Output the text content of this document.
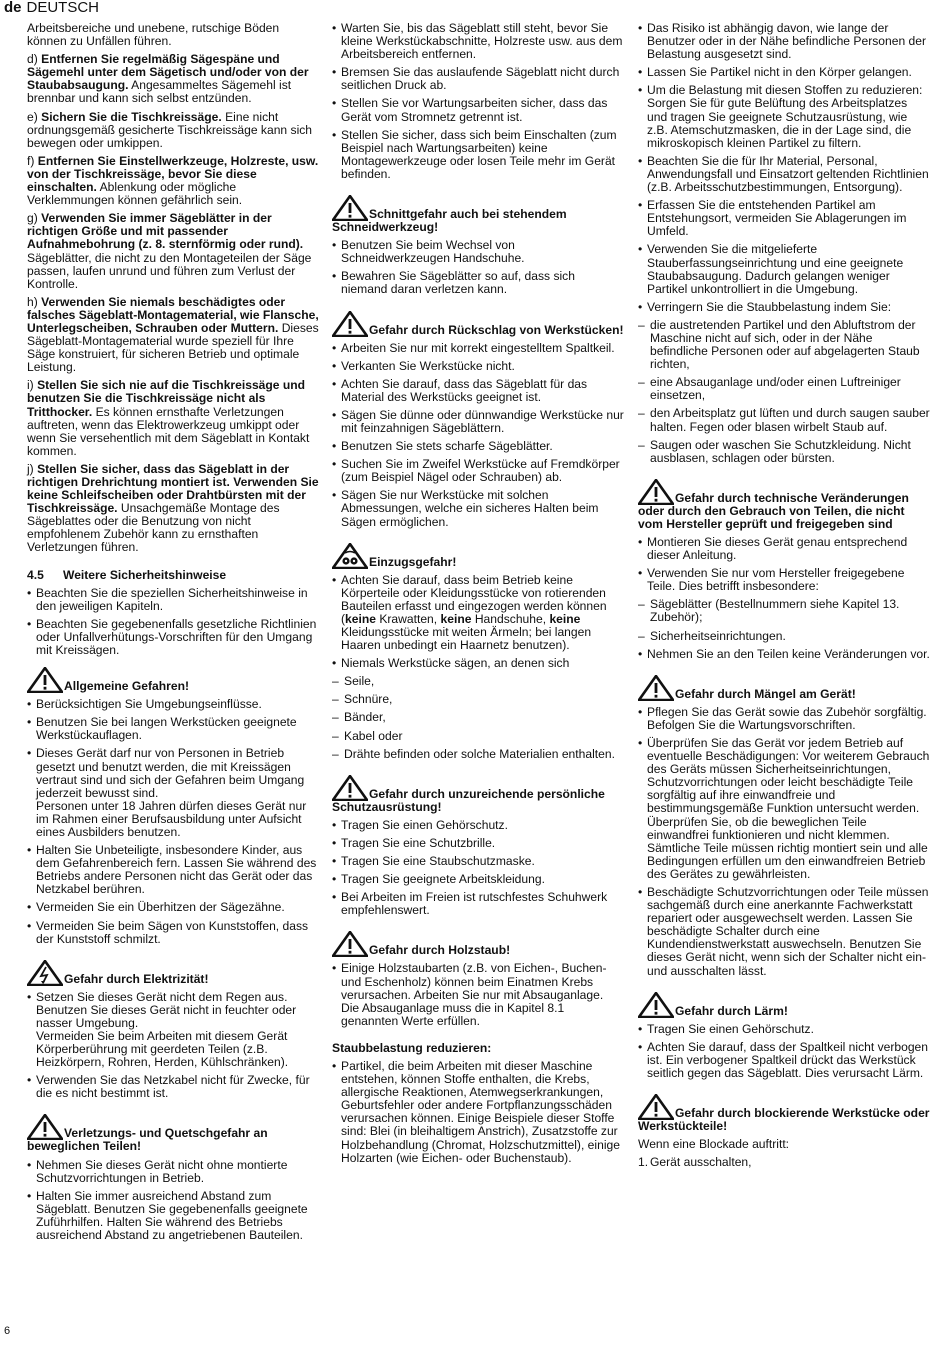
de DEUTSCH

Arbeitsbereiche und unebene, rutschige Böden können zu Unfällen führen.

d) Entfernen Sie regelmäßig Sägespäne und Sägemehl unter dem Sägetisch und/oder von der Staubabsaugung. Angesammeltes Sägemehl ist brennbar und kann sich selbst entzünden.

e) Sichern Sie die Tischkreissäge. Eine nicht ordnungsgemäß gesicherte Tischkreissäge kann sich bewegen oder umkippen.

f) Entfernen Sie Einstellwerkzeuge, Holzreste, usw. von der Tischkreissäge, bevor Sie diese einschalten. Ablenkung oder mögliche Verklemmungen können gefährlich sein.

g) Verwenden Sie immer Sägeblätter in der richtigen Größe und mit passender Aufnahmebohrung (z. 8. sternförmig oder rund). Sägeblätter, die nicht zu den Montageteilen der Säge passen, laufen unrund und führen zum Verlust der Kontrolle.

h) Verwenden Sie niemals beschädigtes oder falsches Sägeblatt-Montagematerial, wie Flansche, Unterlegscheiben, Schrauben oder Muttern. Dieses Sägeblatt-Montagematerial wurde speziell für Ihre Säge konstruiert, für sicheren Betrieb und optimale Leistung.

i) Stellen Sie sich nie auf die Tischkreissäge und benutzen Sie die Tischkreissäge nicht als Tritthocker. Es können ernsthafte Verletzungen auftreten, wenn das Elektrowerkzeug umkippt oder wenn Sie versehentlich mit dem Sägeblatt in Kontakt kommen.

j) Stellen Sie sicher, dass das Sägeblatt in der richtigen Drehrichtung montiert ist. Verwenden Sie keine Schleifscheiben oder Drahtbürsten mit der Tischkreissäge. Unsachgemäße Montage des Sägeblattes oder die Benutzung von nicht empfohlenem Zubehör kann zu ernsthaften Verletzungen führen.

4.5 Weitere Sicherheitshinweise
• Beachten Sie die speziellen Sicherheitshinweise in den jeweiligen Kapiteln.
• Beachten Sie gegebenenfalls gesetzliche Richtlinien oder Unfallverhütungs-Vorschriften für den Umgang mit Kreissägen.
Allgemeine Gefahren!
• Berücksichtigen Sie Umgebungseinflüsse.
• Benutzen Sie bei langen Werkstücken geeignete Werkstückauflagen.
• Dieses Gerät darf nur von Personen in Betrieb gesetzt und benutzt werden, die mit Kreissägen vertraut sind und sich der Gefahren beim Umgang jederzeit bewusst sind.
Personen unter 18 Jahren dürfen dieses Gerät nur im Rahmen einer Berufsausbildung unter Aufsicht eines Ausbilders benutzen.
• Halten Sie Unbeteiligte, insbesondere Kinder, aus dem Gefahrenbereich fern. Lassen Sie während des Betriebs andere Personen nicht das Gerät oder das Netzkabel berühren.
• Vermeiden Sie ein Überhitzen der Sägezähne.
• Vermeiden Sie beim Sägen von Kunststoffen, dass der Kunststoff schmilzt.
Gefahr durch Elektrizität!
• Setzen Sie dieses Gerät nicht dem Regen aus. Benutzen Sie dieses Gerät nicht in feuchter oder nasser Umgebung.
Vermeiden Sie beim Arbeiten mit diesem Gerät Körperberührung mit geerdeten Teilen (z.B. Heizkörpern, Rohren, Herden, Kühlschränken).
• Verwenden Sie das Netzkabel nicht für Zwecke, für die es nicht bestimmt ist.
Verletzungs- und Quetschgefahr an beweglichen Teilen!
• Nehmen Sie dieses Gerät nicht ohne montierte Schutzvorrichtungen in Betrieb.
• Halten Sie immer ausreichend Abstand zum Sägeblatt. Benutzen Sie gegebenenfalls geeignete Zuführhilfen. Halten Sie während des Betriebs ausreichend Abstand zu angetriebenen Bauteilen.
• Warten Sie, bis das Sägeblatt still steht, bevor Sie kleine Werkstückabschnitte, Holzreste usw. aus dem Arbeitsbereich entfernen.
• Bremsen Sie das auslaufende Sägeblatt nicht durch seitlichen Druck ab.
• Stellen Sie vor Wartungsarbeiten sicher, dass das Gerät vom Stromnetz getrennt ist.
• Stellen Sie sicher, dass sich beim Einschalten (zum Beispiel nach Wartungsarbeiten) keine Montagewerkzeuge oder losen Teile mehr im Gerät befinden.
Schnittgefahr auch bei stehendem Schneidwerkzeug!
• Benutzen Sie beim Wechsel von Schneidwerkzeugen Handschuhe.
• Bewahren Sie Sägeblätter so auf, dass sich niemand daran verletzen kann.
Gefahr durch Rückschlag von Werkstücken!
• Arbeiten Sie nur mit korrekt eingestelltem Spaltkeil.
• Verkanten Sie Werkstücke nicht.
• Achten Sie darauf, dass das Sägeblatt für das Material des Werkstücks geeignet ist.
• Sägen Sie dünne oder dünnwandige Werkstücke nur mit feinzahnigen Sägeblättern.
• Benutzen Sie stets scharfe Sägeblätter.
• Suchen Sie im Zweifel Werkstücke auf Fremdkörper (zum Beispiel Nägel oder Schrauben) ab.
• Sägen Sie nur Werkstücke mit solchen Abmessungen, welche ein sicheres Halten beim Sägen ermöglichen.
Einzugsgefahr!
• Achten Sie darauf, dass beim Betrieb keine Körperteile oder Kleidungsstücke von rotierenden Bauteilen erfasst und eingezogen werden können (keine Krawatten, keine Handschuhe, keine Kleidungsstücke mit weiten Ärmeln; bei langen Haaren unbedingt ein Haarnetz benutzen).
• Niemals Werkstücke sägen, an denen sich
– Seile,
– Schnüre,
– Bänder,
– Kabel oder
– Drähte befinden oder solche Materialien enthalten.
Gefahr durch unzureichende persönliche Schutzausrüstung!
• Tragen Sie einen Gehörschutz.
• Tragen Sie eine Schutzbrille.
• Tragen Sie eine Staubschutzmaske.
• Tragen Sie geeignete Arbeitskleidung.
• Bei Arbeiten im Freien ist rutschfestes Schuhwerk empfehlenswert.
Gefahr durch Holzstaub!
• Einige Holzstaubarten (z.B. von Eichen-, Buchen- und Eschenholz) können beim Einatmen Krebs verursachen. Arbeiten Sie nur mit Absauganlage. Die Absauganlage muss die in Kapitel 8.1 genannten Werte erfüllen.
Staubbelastung reduzieren:
• Partikel, die beim Arbeiten mit dieser Maschine entstehen, können Stoffe enthalten, die Krebs, allergische Reaktionen, Atemwegserkrankungen, Geburtsfehler oder andere Fortpflanzungsschäden verursachen können. Einige Beispiele dieser Stoffe sind: Blei (in bleihaltigem Anstrich), Zusatzstoffe zur Holzbehandlung (Chromat, Holzschutzmittel), einige Holzarten (wie Eichen- oder Buchenstaub).
• Das Risiko ist abhängig davon, wie lange der Benutzer oder in der Nähe befindliche Personen der Belastung ausgesetzt sind.
• Lassen Sie Partikel nicht in den Körper gelangen.
• Um die Belastung mit diesen Stoffen zu reduzieren: Sorgen Sie für gute Belüftung des Arbeitsplatzes und tragen Sie geeignete Schutzausrüstung, wie z.B. Atemschutzmasken, die in der Lage sind, die mikroskopisch kleinen Partikel zu filtern.
• Beachten Sie die für Ihr Material, Personal, Anwendungsfall und Einsatzort geltenden Richtlinien (z.B. Arbeitsschutzbestimmungen, Entsorgung).
• Erfassen Sie die entstehenden Partikel am Entstehungsort, vermeiden Sie Ablagerungen im Umfeld.
• Verwenden Sie die mitgelieferte Stauberfassungseinrichtung und eine geeignete Staubabsaugung. Dadurch gelangen weniger Partikel unkontrolliert in die Umgebung.
• Verringern Sie die Staubbelastung indem Sie:
– die austretenden Partikel und den Abluftstrom der Maschine nicht auf sich, oder in der Nähe befindliche Personen oder auf abgelagerten Staub richten,
– eine Absauganlage und/oder einen Luftreiniger einsetzen,
– den Arbeitsplatz gut lüften und durch saugen sauber halten. Fegen oder blasen wirbelt Staub auf.
– Saugen oder waschen Sie Schutzkleidung. Nicht ausblasen, schlagen oder bürsten.
Gefahr durch technische Veränderungen oder durch den Gebrauch von Teilen, die nicht vom Hersteller geprüft und freigegeben sind
• Montieren Sie dieses Gerät genau entsprechend dieser Anleitung.
• Verwenden Sie nur vom Hersteller freigegebene Teile. Dies betrifft insbesondere:
– Sägeblätter (Bestellnummern siehe Kapitel 13. Zubehör);
– Sicherheitseinrichtungen.
• Nehmen Sie an den Teilen keine Veränderungen vor.
Gefahr durch Mängel am Gerät!
• Pflegen Sie das Gerät sowie das Zubehör sorgfältig. Befolgen Sie die Wartungsvorschriften.
• Überprüfen Sie das Gerät vor jedem Betrieb auf eventuelle Beschädigungen: Vor weiterem Gebrauch des Geräts müssen Sicherheitseinrichtungen, Schutzvorrichtungen oder leicht beschädigte Teile sorgfältig auf ihre einwandfreie und bestimmungsgemäße Funktion untersucht werden. Überprüfen Sie, ob die beweglichen Teile einwandfrei funktionieren und nicht klemmen. Sämtliche Teile müssen richtig montiert sein und alle Bedingungen erfüllen um den einwandfreien Betrieb des Gerätes zu gewährleisten.
• Beschädigte Schutzvorrichtungen oder Teile müssen sachgemäß durch eine anerkannte Fachwerkstatt repariert oder ausgewechselt werden. Lassen Sie beschädigte Schalter durch eine Kundendienstwerkstatt auswechseln. Benutzen Sie dieses Gerät nicht, wenn sich der Schalter nicht ein- und ausschalten lässt.
Gefahr durch Lärm!
• Tragen Sie einen Gehörschutz.
• Achten Sie darauf, dass der Spaltkeil nicht verbogen ist. Ein verbogener Spaltkeil drückt das Werkstück seitlich gegen das Sägeblatt. Dies verursacht Lärm.
Gefahr durch blockierende Werkstücke oder Werkstückteile!

Wenn eine Blockade auftritt:

1. Gerät ausschalten,
6
